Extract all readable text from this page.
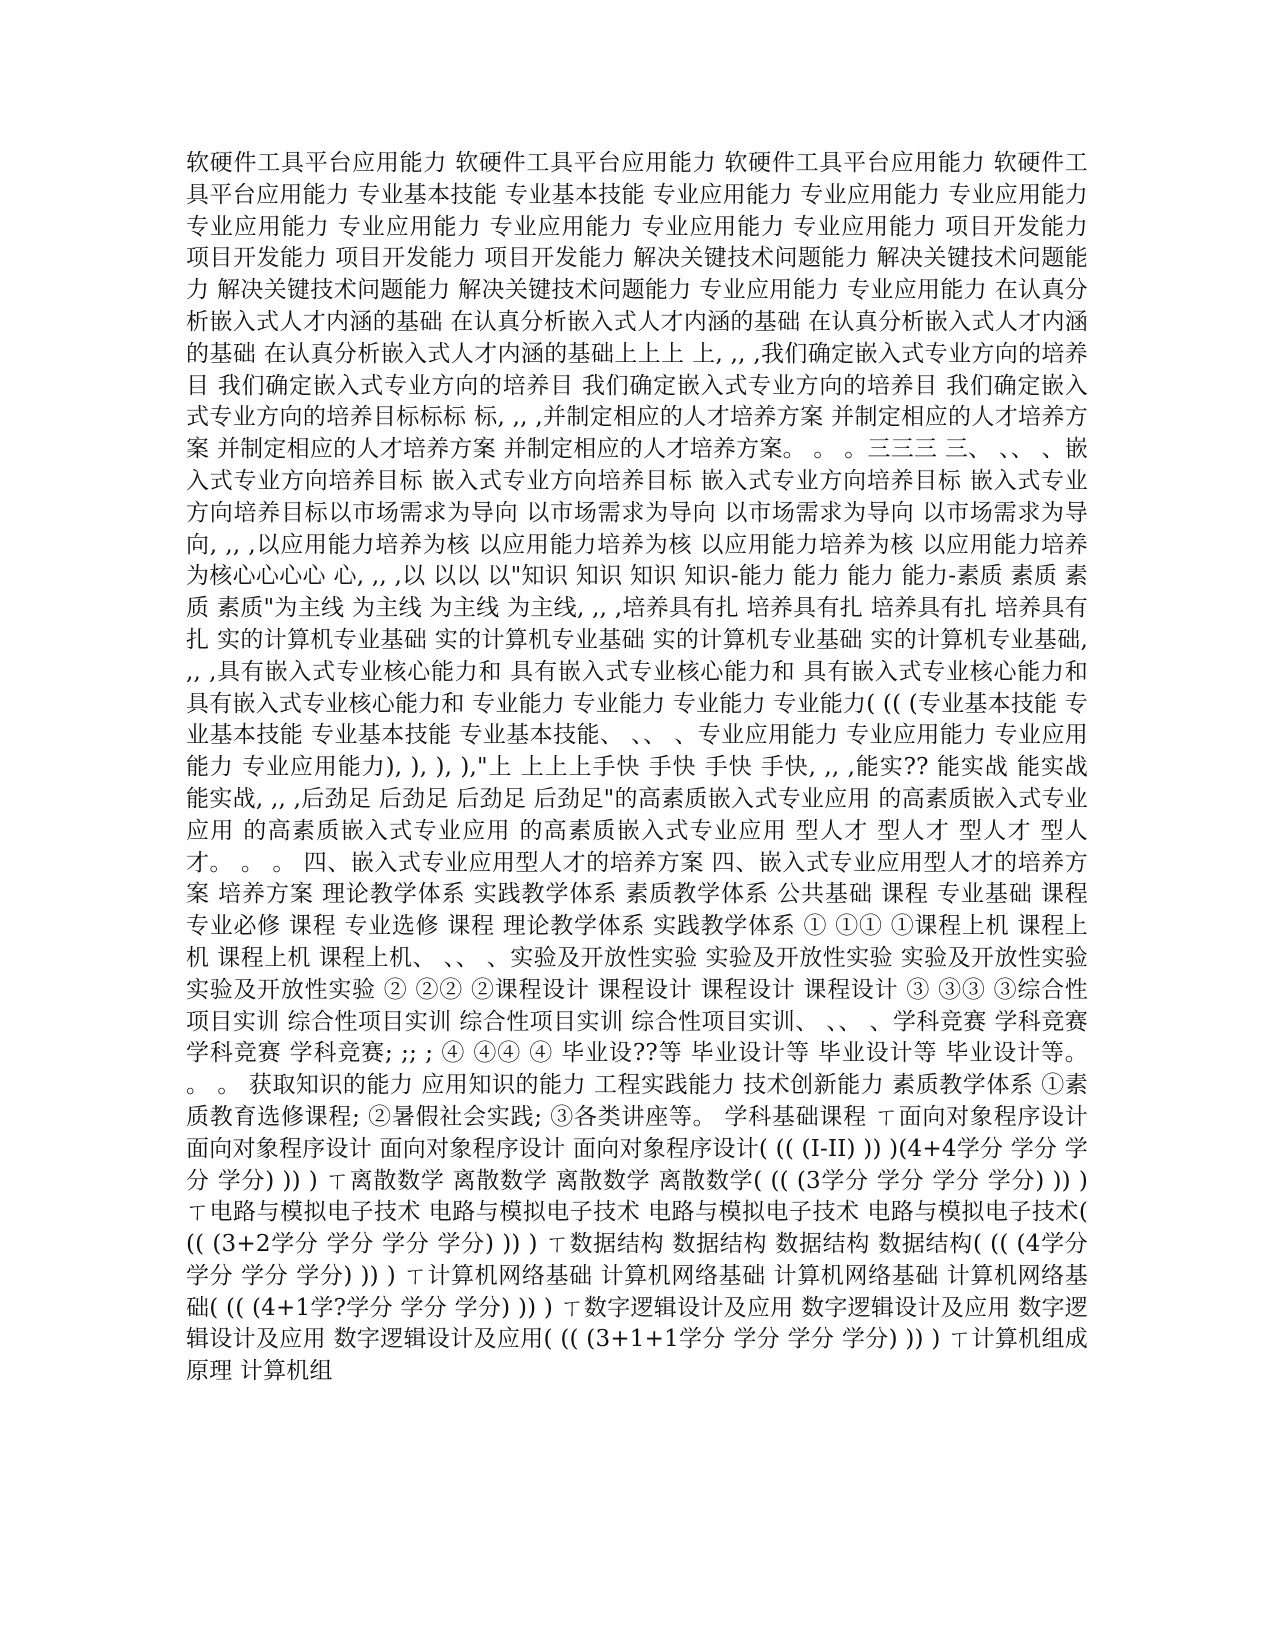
软硬件工具平台应用能力 软硬件工具平台应用能力 软硬件工具平台应用能力 软硬件工具平台应用能力 专业基本技能 专业基本技能 专业应用能力 专业应用能力 专业应用能力 专业应用能力 专业应用能力 专业应用能力 专业应用能力 专业应用能力 项目开发能力 项目开发能力 项目开发能力 项目开发能力 解决关键技术问题能力 解决关键技术问题能力 解决关键技术问题能力 解决关键技术问题能力 专业应用能力 专业应用能力 在认真分析嵌入式人才内涵的基础 在认真分析嵌入式人才内涵的基础 在认真分析嵌入式人才内涵的基础 在认真分析嵌入式人才内涵的基础上上上 上, ,, ,我们确定嵌入式专业方向的培养目 我们确定嵌入式专业方向的培养目 我们确定嵌入式专业方向的培养目 我们确定嵌入式专业方向的培养目标标标 标, ,, ,并制定相应的人才培养方案 并制定相应的人才培养方案 并制定相应的人才培养方案 并制定相应的人才培养方案。 。 。三三三 三、 、、 、嵌入式专业方向培养目标 嵌入式专业方向培养目标 嵌入式专业方向培养目标 嵌入式专业方向培养目标以市场需求为导向 以市场需求为导向 以市场需求为导向 以市场需求为导向, ,, ,以应用能力培养为核 以应用能力培养为核 以应用能力培养为核 以应用能力培养为核心心心心 心, ,, ,以 以以 以"知识 知识 知识 知识-能力 能力 能力 能力-素质 素质 素质 素质"为主线 为主线 为主线 为主线, ,, ,培养具有扎 培养具有扎 培养具有扎 培养具有扎 实的计算机专业基础 实的计算机专业基础 实的计算机专业基础 实的计算机专业基础, ,, ,具有嵌入式专业核心能力和 具有嵌入式专业核心能力和 具有嵌入式专业核心能力和 具有嵌入式专业核心能力和 专业能力 专业能力 专业能力 专业能力( (( (专业基本技能 专业基本技能 专业基本技能 专业基本技能、 、、 、专业应用能力 专业应用能力 专业应用能力 专业应用能力), ), ), ),"上 上上上手快 手快 手快 手快, ,, ,能实?? 能实战 能实战 能实战, ,, ,后劲足 后劲足 后劲足 后劲足"的高素质嵌入式专业应用 的高素质嵌入式专业应用 的高素质嵌入式专业应用 的高素质嵌入式专业应用 型人才 型人才 型人才 型人才。 。 。 四、嵌入式专业应用型人才的培养方案 四、嵌入式专业应用型人才的培养方案 培养方案 理论教学体系 实践教学体系 素质教学体系 公共基础 课程 专业基础 课程 专业必修 课程 专业选修 课程 理论教学体系 实践教学体系 ① ①① ①课程上机 课程上机 课程上机 课程上机、 、、 、实验及开放性实验 实验及开放性实验 实验及开放性实验 实验及开放性实验 ② ②② ②课程设计 课程设计 课程设计 课程设计 ③ ③③ ③综合性项目实训 综合性项目实训 综合性项目实训 综合性项目实训、 、、 、学科竞赛 学科竞赛 学科竞赛 学科竞赛; ;; ; ④ ④④ ④ 毕业设??等 毕业设计等 毕业设计等 毕业设计等。 。 。 获取知识的能力 应用知识的能力 工程实践能力 技术创新能力 素质教学体系 ①素质教育选修课程; ②暑假社会实践; ③各类讲座等。 学科基础课程 ㄒ面向对象程序设计 面向对象程序设计 面向对象程序设计 面向对象程序设计( (( (I-II) )) )(4+4学分 学分 学分 学分) )) ) ㄒ离散数学 离散数学 离散数学 离散数学( (( (3学分 学分 学分 学分) )) ) ㄒ电路与模拟电子技术 电路与模拟电子技术 电路与模拟电子技术 电路与模拟电子技术( (( (3+2学分 学分 学分 学分) )) ) ㄒ数据结构 数据结构 数据结构 数据结构( (( (4学分 学分 学分 学分) )) ) ㄒ计算机网络基础 计算机网络基础 计算机网络基础 计算机网络基础( (( (4+1学?学分 学分 学分) )) ) ㄒ数字逻辑设计及应用 数字逻辑设计及应用 数字逻辑设计及应用 数字逻辑设计及应用( (( (3+1+1学分 学分 学分 学分) )) ) ㄒ计算机组成原理 计算机组
